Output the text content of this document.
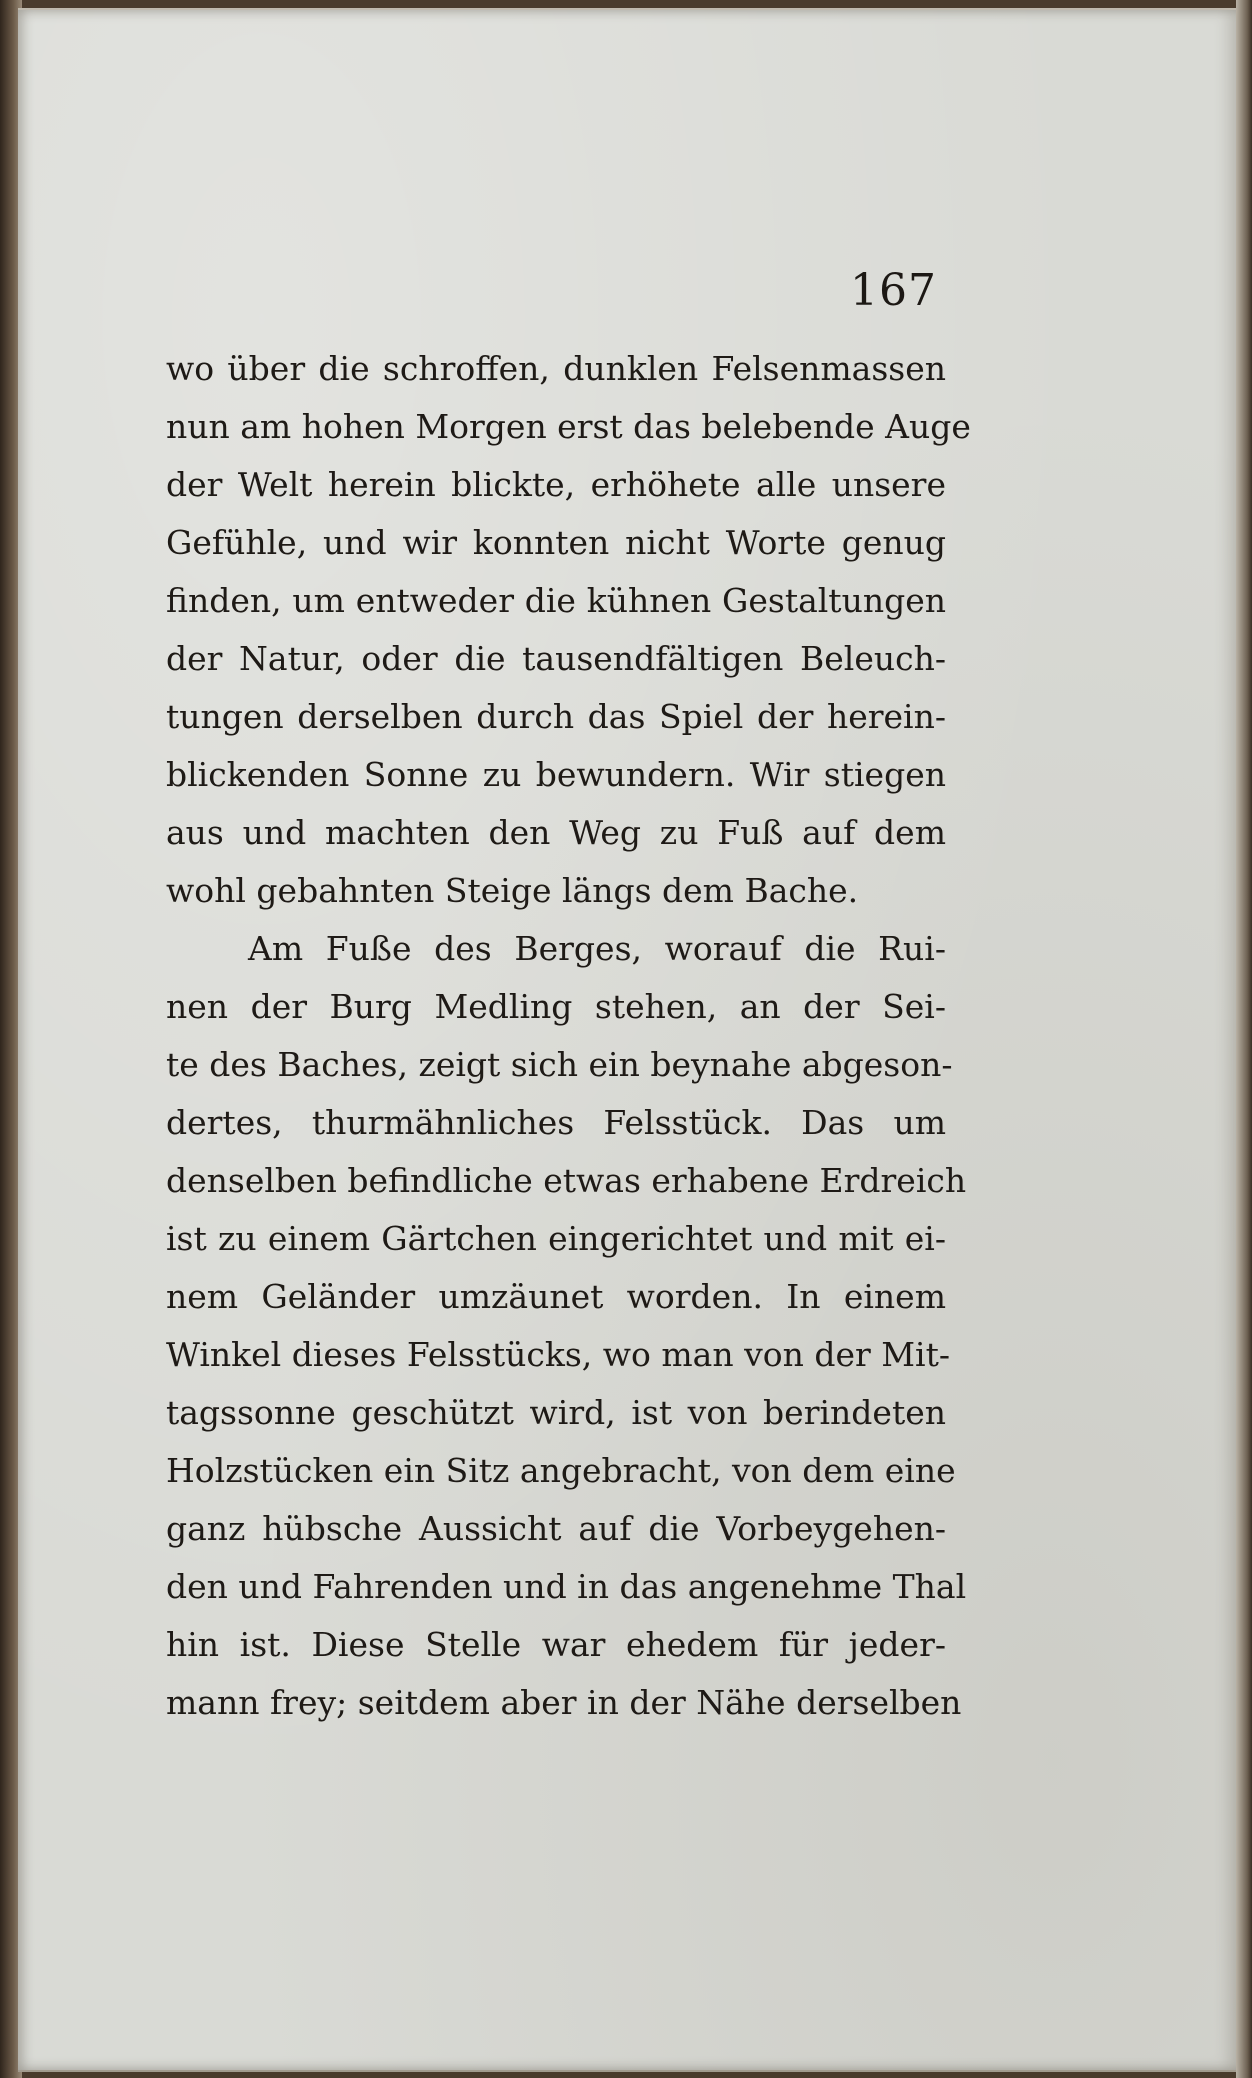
167
wo über die schroffen, dunklen Felsenmassen
nun am hohen Morgen erst das belebende Auge
der Welt herein blickte, erhöhete alle unsere
Gefühle, und wir konnten nicht Worte genug
finden, um entweder die kühnen Gestaltungen
der Natur, oder die tausendfältigen Beleuch-
tungen derselben durch das Spiel der herein-
blickenden Sonne zu bewundern. Wir stiegen
aus und machten den Weg zu Fuß auf dem
wohl gebahnten Steige längs dem Bache.
Am Fuße des Berges, worauf die Rui-
nen der Burg Medling stehen, an der Sei-
te des Baches, zeigt sich ein beynahe abgeson-
dertes, thurmähnliches Felsstück. Das um
denselben befindliche etwas erhabene Erdreich
ist zu einem Gärtchen eingerichtet und mit ei-
nem Geländer umzäunet worden. In einem
Winkel dieses Felsstücks, wo man von der Mit-
tagssonne geschützt wird, ist von berindeten
Holzstücken ein Sitz angebracht, von dem eine
ganz hübsche Aussicht auf die Vorbeygehen-
den und Fahrenden und in das angenehme Thal
hin ist. Diese Stelle war ehedem für jeder-
mann frey; seitdem aber in der Nähe derselben
